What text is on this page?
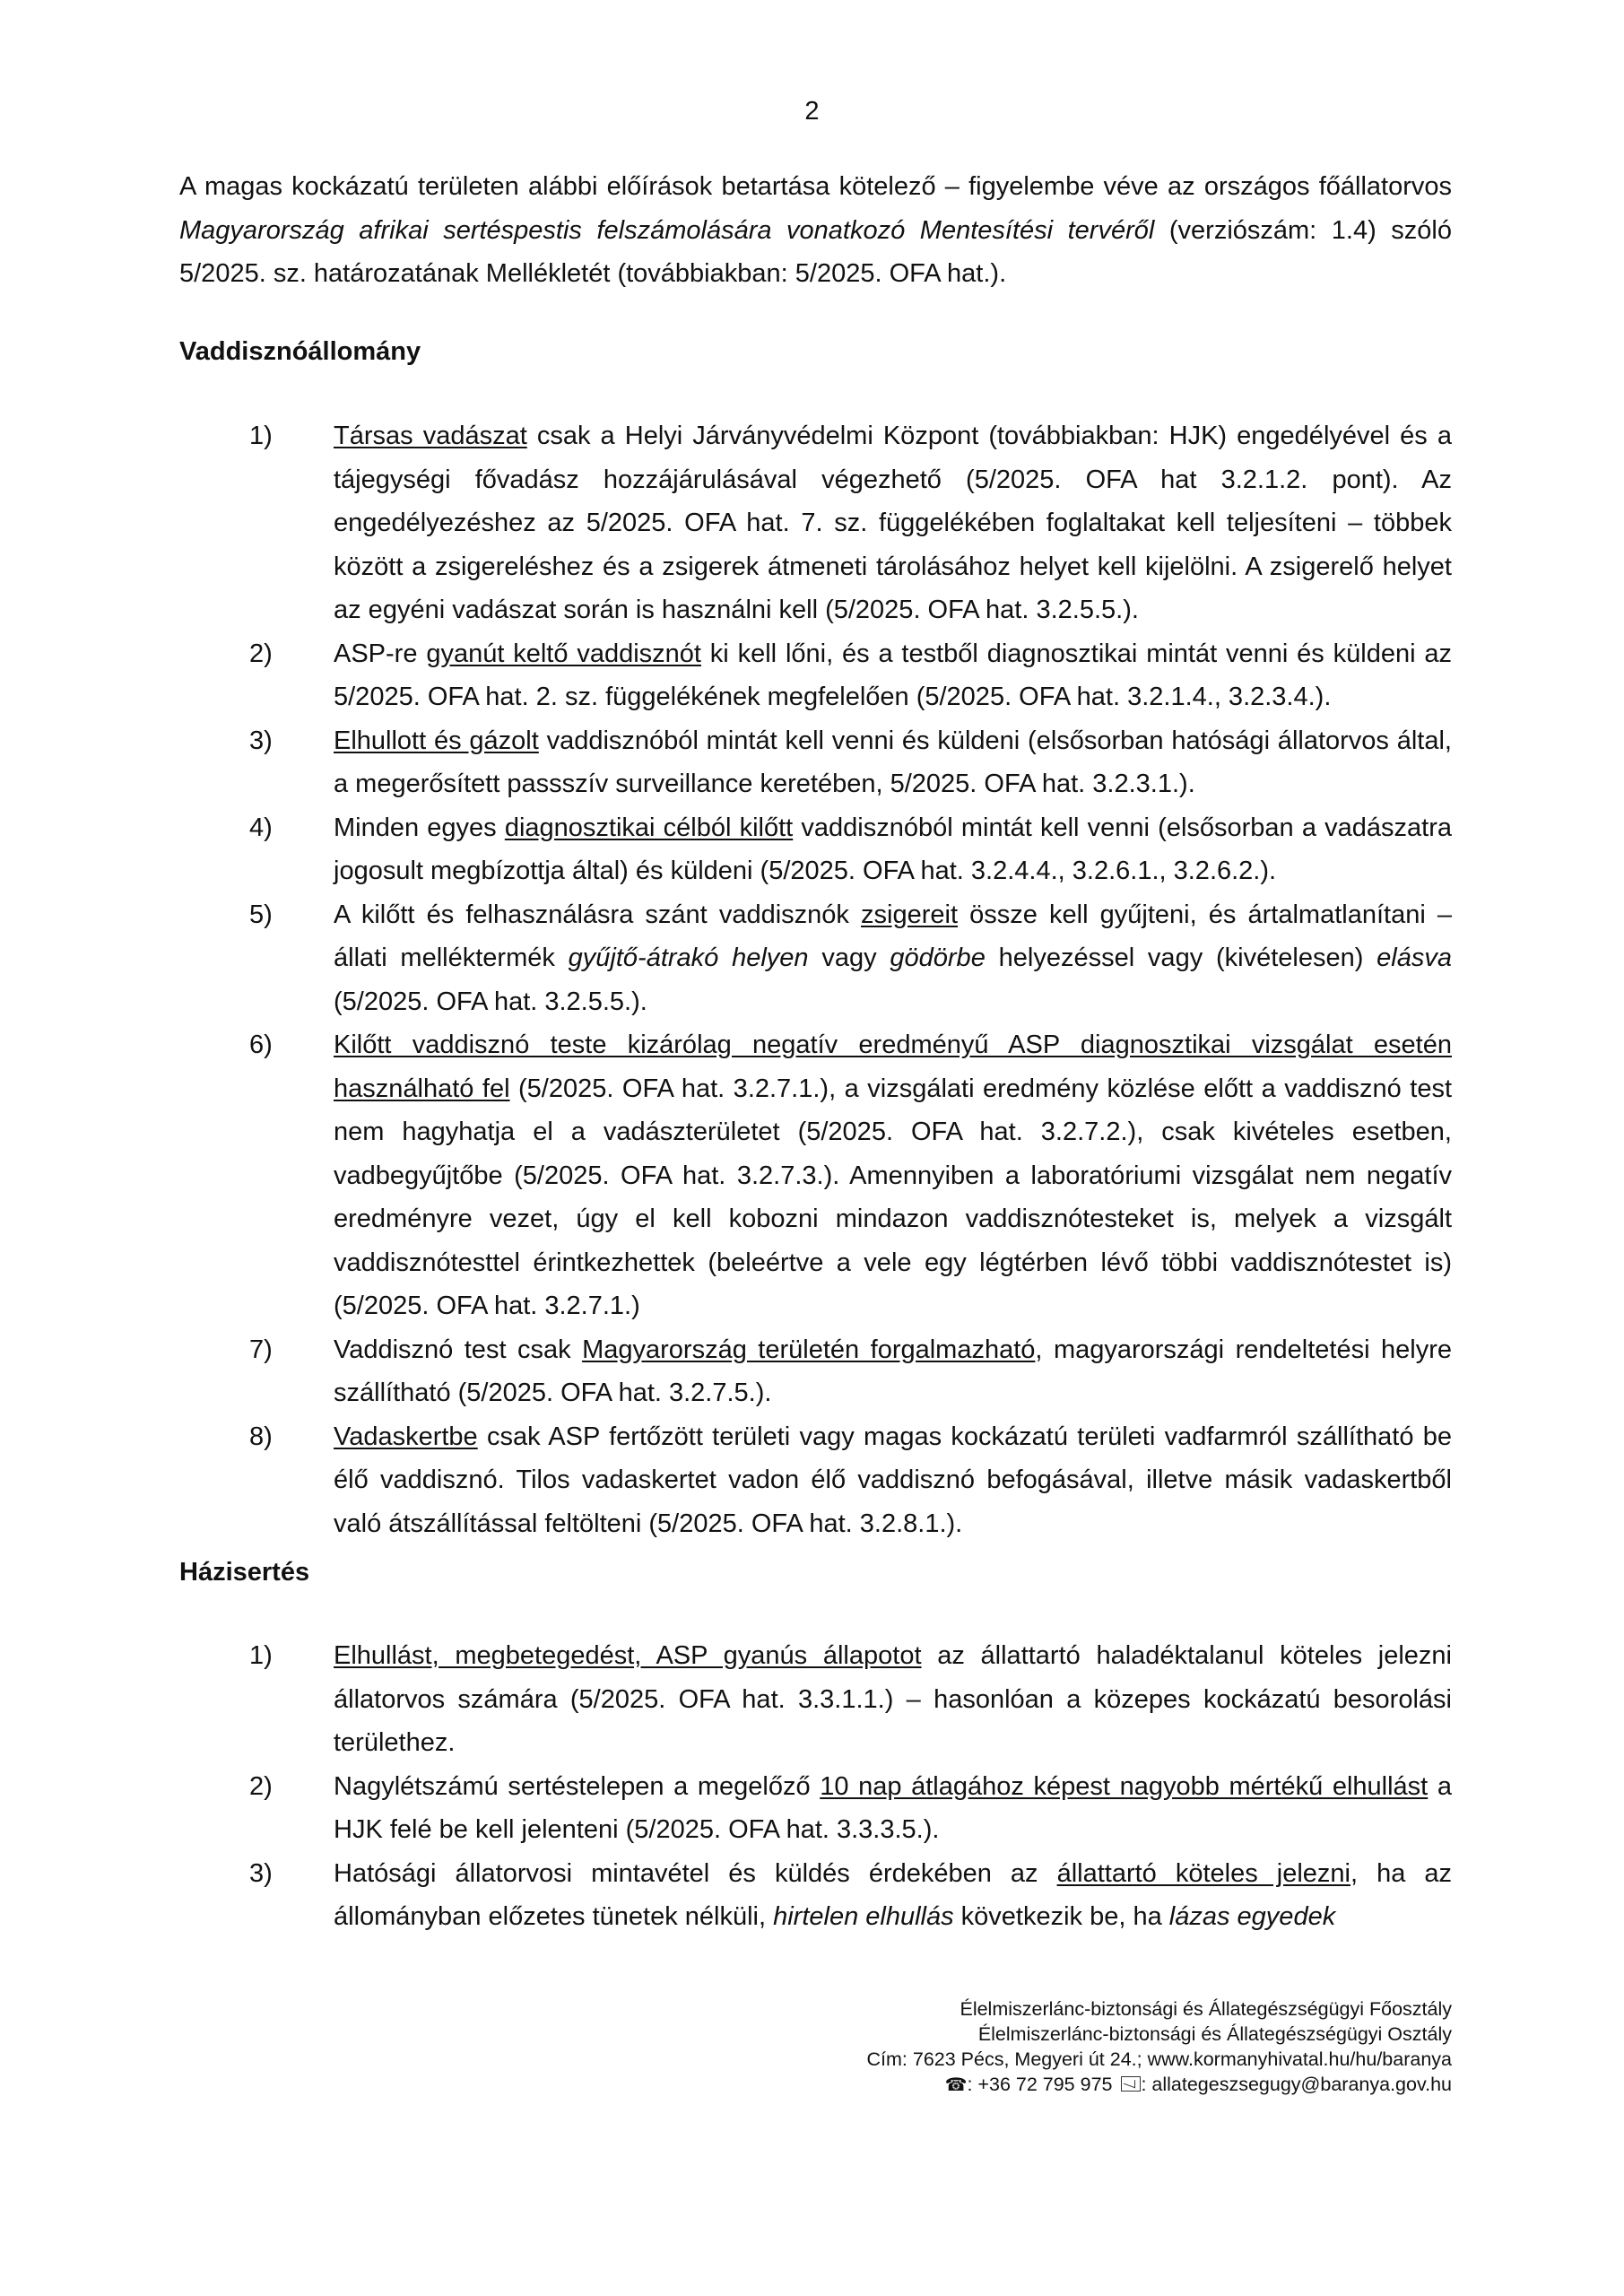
2

A magas kockázatú területen alábbi előírások betartása kötelező – figyelembe véve az országos főállatorvos Magyarország afrikai sertéspestis felszámolására vonatkozó Mentesítési tervéről (verziószám: 1.4) szóló 5/2025. sz. határozatának Mellékletét (továbbiakban: 5/2025. OFA hat.).

Vaddisznóállomány
1) Társas vadászat csak a Helyi Járványvédelmi Központ (továbbiakban: HJK) engedélyével és a tájegységi fővadász hozzájárulásával végezhető (5/2025. OFA hat 3.2.1.2. pont). Az engedélyezéshez az 5/2025. OFA hat. 7. sz. függelékében foglaltakat kell teljesíteni – többek között a zsigereléshez és a zsigerek átmeneti tárolásához helyet kell kijelölni. A zsigerelő helyet az egyéni vadászat során is használni kell (5/2025. OFA hat. 3.2.5.5.).
2) ASP-re gyanút keltő vaddisznót ki kell lőni, és a testből diagnosztikai mintát venni és küldeni az 5/2025. OFA hat. 2. sz. függelékének megfelelően (5/2025. OFA hat. 3.2.1.4., 3.2.3.4.).
3) Elhullott és gázolt vaddisznóból mintát kell venni és küldeni (elsősorban hatósági állatorvos által, a megerősített passszív surveillance keretében, 5/2025. OFA hat. 3.2.3.1.).
4) Minden egyes diagnosztikai célból kilőtt vaddisznóból mintát kell venni (elsősorban a vadászatra jogosult megbízottja által) és küldeni (5/2025. OFA hat. 3.2.4.4., 3.2.6.1., 3.2.6.2.).
5) A kilőtt és felhasználásra szánt vaddisznók zsigereit össze kell gyűjteni, és ártalmatlanítani – állati melléktermék gyűjtő-átrakó helyen vagy gödörbe helyezéssel vagy (kivételesen) elásva (5/2025. OFA hat. 3.2.5.5.).
6) Kilőtt vaddisznó teste kizárólag negatív eredményű ASP diagnosztikai vizsgálat esetén használható fel (5/2025. OFA hat. 3.2.7.1.), a vizsgálati eredmény közlése előtt a vaddisznó test nem hagyhatja el a vadászterületet (5/2025. OFA hat. 3.2.7.2.), csak kivételes esetben, vadbegyűjtőbe (5/2025. OFA hat. 3.2.7.3.). Amennyiben a laboratóriumi vizsgálat nem negatív eredményre vezet, úgy el kell kobozni mindazon vaddisznótesteket is, melyek a vizsgált vaddisznótesttel érintkezhettek (beleértve a vele egy légtérben lévő többi vaddisznótestet is) (5/2025. OFA hat. 3.2.7.1.)
7) Vaddisznó test csak Magyarország területén forgalmazható, magyarországi rendeltetési helyre szállítható (5/2025. OFA hat. 3.2.7.5.).
8) Vadaskertbe csak ASP fertőzött területi vagy magas kockázatú területi vadfarmról szállítható be élő vaddisznó. Tilos vadaskertet vadon élő vaddisznó befogásával, illetve másik vadaskertből való átszállítással feltölteni (5/2025. OFA hat. 3.2.8.1.).
Házisertés
1) Elhullást, megbetegedést, ASP gyanús állapotot az állattartó haladéktalanul köteles jelezni állatorvos számára (5/2025. OFA hat. 3.3.1.1.) – hasonlóan a közepes kockázatú besorolási területhez.
2) Nagylétszámú sertéstelepen a megelőző 10 nap átlagához képest nagyobb mértékű elhullást a HJK felé be kell jelenteni (5/2025. OFA hat. 3.3.3.5.).
3) Hatósági állatorvosi mintavétel és küldés érdekében az állattartó köteles jelezni, ha az állományban előzetes tünetek nélküli, hirtelen elhullás következik be, ha lázas egyedek
Élelmiszerlánc-biztonsági és Állategészségügyi Főosztály
Élelmiszerlánc-biztonsági és Állategészségügyi Osztály
Cím: 7623 Pécs, Megyeri út 24.; www.kormanyhivatal.hu/hu/baranya
☎: +36 72 795 975 : allategeszsegugy@baranya.gov.hu
